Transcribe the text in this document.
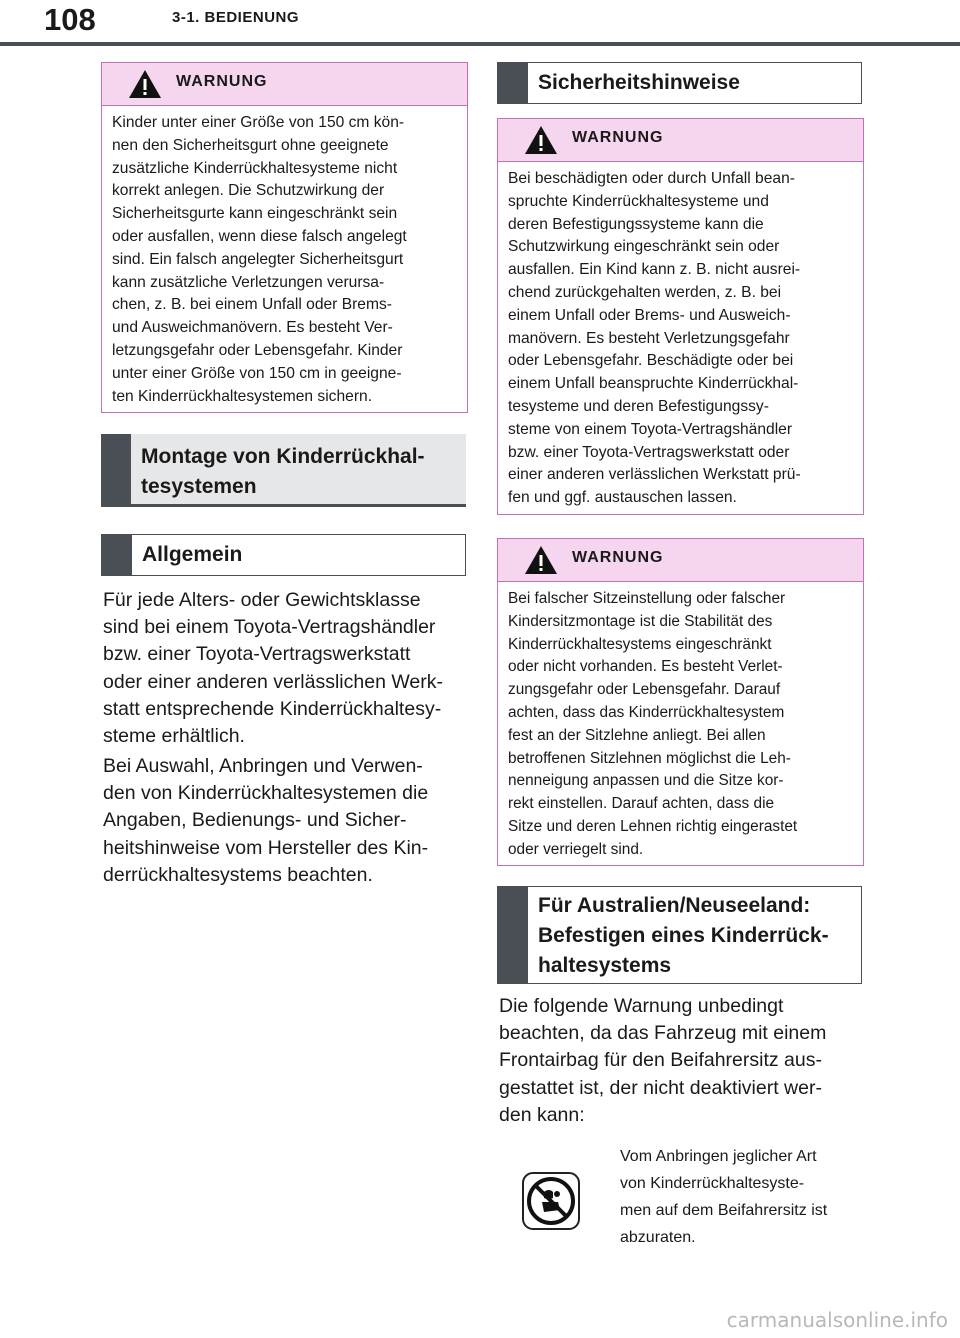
108	3-1. BEDIENUNG
WARNUNG
Kinder unter einer Größe von 150 cm kön-
nen den Sicherheitsgurt ohne geeignete
zusätzliche Kinderrückhaltesysteme nicht
korrekt anlegen. Die Schutzwirkung der
Sicherheitsgurte kann eingeschränkt sein
oder ausfallen, wenn diese falsch angelegt
sind. Ein falsch angelegter Sicherheitsgurt
kann zusätzliche Verletzungen verursa-
chen, z. B. bei einem Unfall oder Brems-
und Ausweichmanövern. Es besteht Ver-
letzungsgefahr oder Lebensgefahr. Kinder
unter einer Größe von 150 cm in geeigne-
ten Kinderrückhaltesystemen sichern.
Montage von Kinderrückhal-
tesystemen
Allgemein
Für jede Alters- oder Gewichtsklasse
sind bei einem Toyota-Vertragshändler
bzw. einer Toyota-Vertragswerkstatt
oder einer anderen verlässlichen Werk-
statt entsprechende Kinderrückhaltesy-
steme erhältlich.
Bei Auswahl, Anbringen und Verwen-
den von Kinderrückhaltesystemen die
Angaben, Bedienungs- und Sicher-
heitshinweise vom Hersteller des Kin-
derrückhaltesystems beachten.
Sicherheitshinweise
WARNUNG
Bei beschädigten oder durch Unfall bean-
spruchte Kinderrückhaltesysteme und
deren Befestigungssysteme kann die
Schutzwirkung eingeschränkt sein oder
ausfallen. Ein Kind kann z. B. nicht ausrei-
chend zurückgehalten werden, z. B. bei
einem Unfall oder Brems- und Ausweich-
manövern. Es besteht Verletzungsgefahr
oder Lebensgefahr. Beschädigte oder bei
einem Unfall beanspruchte Kinderrückhal-
tesysteme und deren Befestigungssy-
steme von einem Toyota-Vertragshändler
bzw. einer Toyota-Vertragswerkstatt oder
einer anderen verlässlichen Werkstatt prü-
fen und ggf. austauschen lassen.
WARNUNG
Bei falscher Sitzeinstellung oder falscher
Kindersitzmontage ist die Stabilität des
Kinderrückhaltesystems eingeschränkt
oder nicht vorhanden. Es besteht Verlet-
zungsgefahr oder Lebensgefahr. Darauf
achten, dass das Kinderrückhaltesystem
fest an der Sitzlehne anliegt. Bei allen
betroffenen Sitzlehnen möglichst die Leh-
nenneigung anpassen und die Sitze kor-
rekt einstellen. Darauf achten, dass die
Sitze und deren Lehnen richtig eingerastet
oder verriegelt sind.
Für Australien/Neuseeland:
Befestigen eines Kinderrück-
haltesystems
Die folgende Warnung unbedingt
beachten, da das Fahrzeug mit einem
Frontairbag für den Beifahrersitz aus-
gestattet ist, der nicht deaktiviert wer-
den kann:
Vom Anbringen jeglicher Art
von Kinderrückhaltesyste-
men auf dem Beifahrersitz ist
abzuraten.
carmanualsonline.info
